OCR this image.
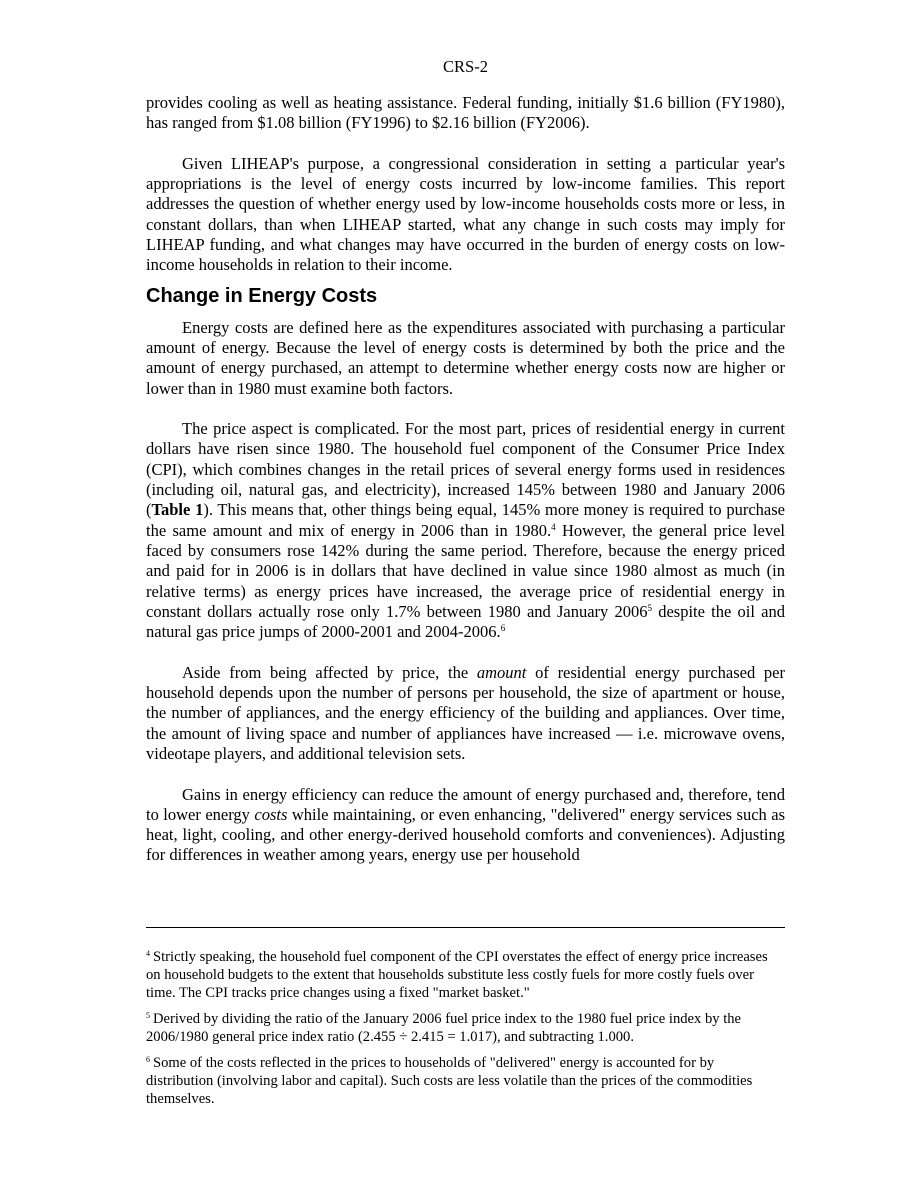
CRS-2

provides cooling as well as heating assistance. Federal funding, initially $1.6 billion (FY1980), has ranged from $1.08 billion (FY1996) to $2.16 billion (FY2006).

Given LIHEAP's purpose, a congressional consideration in setting a particular year's appropriations is the level of energy costs incurred by low-income families. This report addresses the question of whether energy used by low-income households costs more or less, in constant dollars, than when LIHEAP started, what any change in such costs may imply for LIHEAP funding, and what changes may have occurred in the burden of energy costs on low-income households in relation to their income.

Change in Energy Costs

Energy costs are defined here as the expenditures associated with purchasing a particular amount of energy. Because the level of energy costs is determined by both the price and the amount of energy purchased, an attempt to determine whether energy costs now are higher or lower than in 1980 must examine both factors.

The price aspect is complicated. For the most part, prices of residential energy in current dollars have risen since 1980. The household fuel component of the Consumer Price Index (CPI), which combines changes in the retail prices of several energy forms used in residences (including oil, natural gas, and electricity), increased 145% between 1980 and January 2006 (Table 1). This means that, other things being equal, 145% more money is required to purchase the same amount and mix of energy in 2006 than in 1980.$^4$ However, the general price level faced by consumers rose 142% during the same period. Therefore, because the energy priced and paid for in 2006 is in dollars that have declined in value since 1980 almost as much (in relative terms) as energy prices have increased, the average price of residential energy in constant dollars actually rose only 1.7% between 1980 and January 2006$^5$ despite the oil and natural gas price jumps of 2000-2001 and 2004-2006.$^6$

Aside from being affected by price, the amount of residential energy purchased per household depends upon the number of persons per household, the size of apartment or house, the number of appliances, and the energy efficiency of the building and appliances. Over time, the amount of living space and number of appliances have increased — i.e. microwave ovens, videotape players, and additional television sets.

Gains in energy efficiency can reduce the amount of energy purchased and, therefore, tend to lower energy costs while maintaining, or even enhancing, "delivered" energy services such as heat, light, cooling, and other energy-derived household comforts and conveniences). Adjusting for differences in weather among years, energy use per household

$^4$ Strictly speaking, the household fuel component of the CPI overstates the effect of energy price increases on household budgets to the extent that households substitute less costly fuels for more costly fuels over time. The CPI tracks price changes using a fixed "market basket."

$^5$ Derived by dividing the ratio of the January 2006 fuel price index to the 1980 fuel price index by the 2006/1980 general price index ratio (2.455 ÷ 2.415 = 1.017), and subtracting 1.000.

$^6$ Some of the costs reflected in the prices to households of "delivered" energy is accounted for by distribution (involving labor and capital). Such costs are less volatile than the prices of the commodities themselves.
